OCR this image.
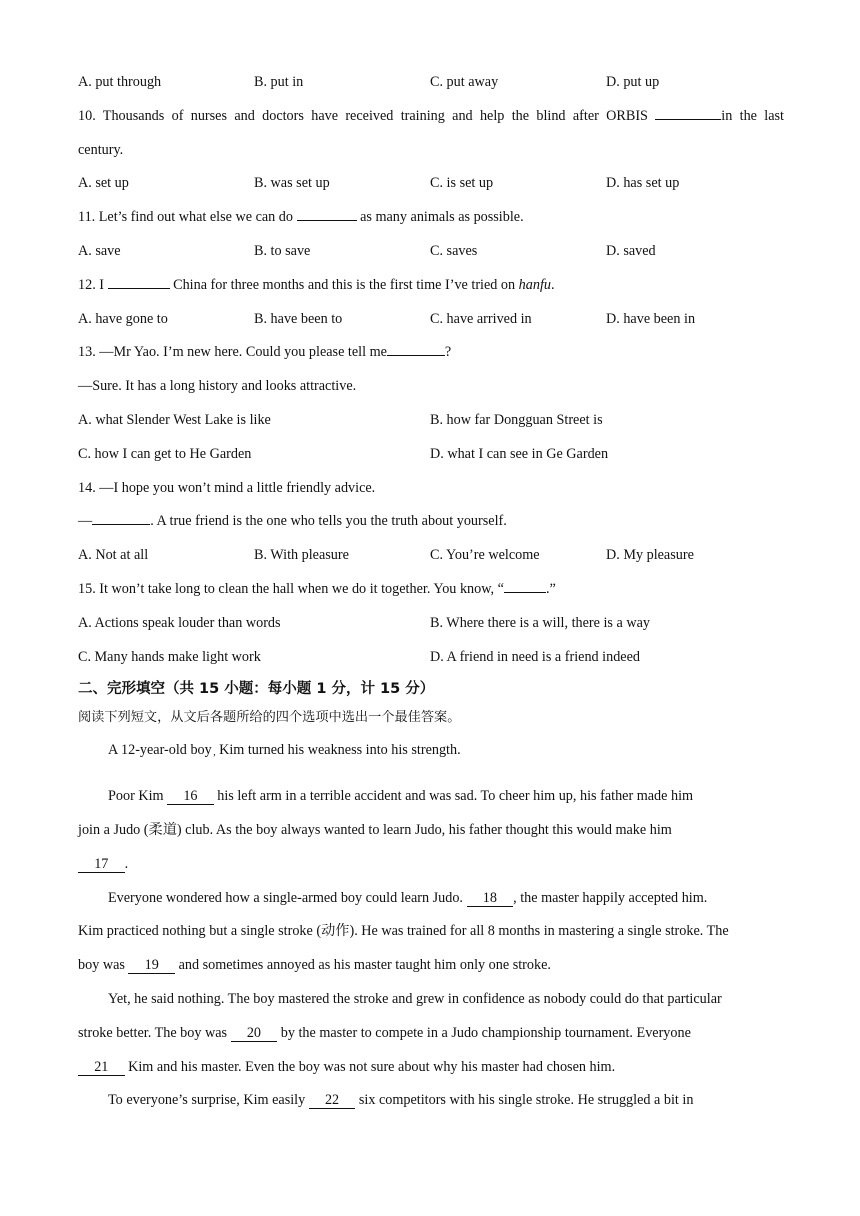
A. put through	B. put in	C. put away	D. put up
10. Thousands of nurses and doctors have received training and help the blind after ORBIS	in the last
century.
A. set up	B. was set up	C. is set up	D. has set up
11. Let’s find out what else we can do	as many animals as possible.
A. save	B. to save	C. saves	D. saved
12. I	China for three months and this is the first time I’ve tried on hanfu.
A. have gone to	B. have been to	C. have arrived in	D. have been in
13. —Mr Yao. I’m new here. Could you please tell me	?
—Sure. It has a long history and looks attractive.
A. what Slender West Lake is like	B. how far Dongguan Street is
C. how I can get to He Garden	D. what I can see in Ge Garden
14. —I hope you won’t mind a little friendly advice.
—	. A true friend is the one who tells you the truth about yourself.
A. Not at all	B. With pleasure	C. You’re welcome	D. My pleasure
15. It won’t take long to clean the hall when we do it together. You know, “	.”
A. Actions speak louder than words	B. Where there is a will, there is a way
C. Many hands make light work	D. A friend in need is a friend indeed
二、完形填空（共 15 小题：每小题 1 分，计 15 分）
阅读下列短文，从文后各题所给的四个选项中选出一个最佳答案。
A 12-year-old boy$_’$Kim turned his weakness into his strength.
Poor Kim 16 his left arm in a terrible accident and was sad. To cheer him up, his father made him
join a Judo (柔道) club. As the boy always wanted to learn Judo, his father thought this would make him
17 .
Everyone wondered how a single-armed boy could learn Judo. 18 , the master happily accepted him.
Kim practiced nothing but a single stroke (动作). He was trained for all 8 months in mastering a single stroke. The
boy was 19 and sometimes annoyed as his master taught him only one stroke.
Yet, he said nothing. The boy mastered the stroke and grew in confidence as nobody could do that particular
stroke better. The boy was 20 by the master to compete in a Judo championship tournament. Everyone
21 Kim and his master. Even the boy was not sure about why his master had chosen him.
To everyone’s surprise, Kim easily 22 six competitors with his single stroke. He struggled a bit in
